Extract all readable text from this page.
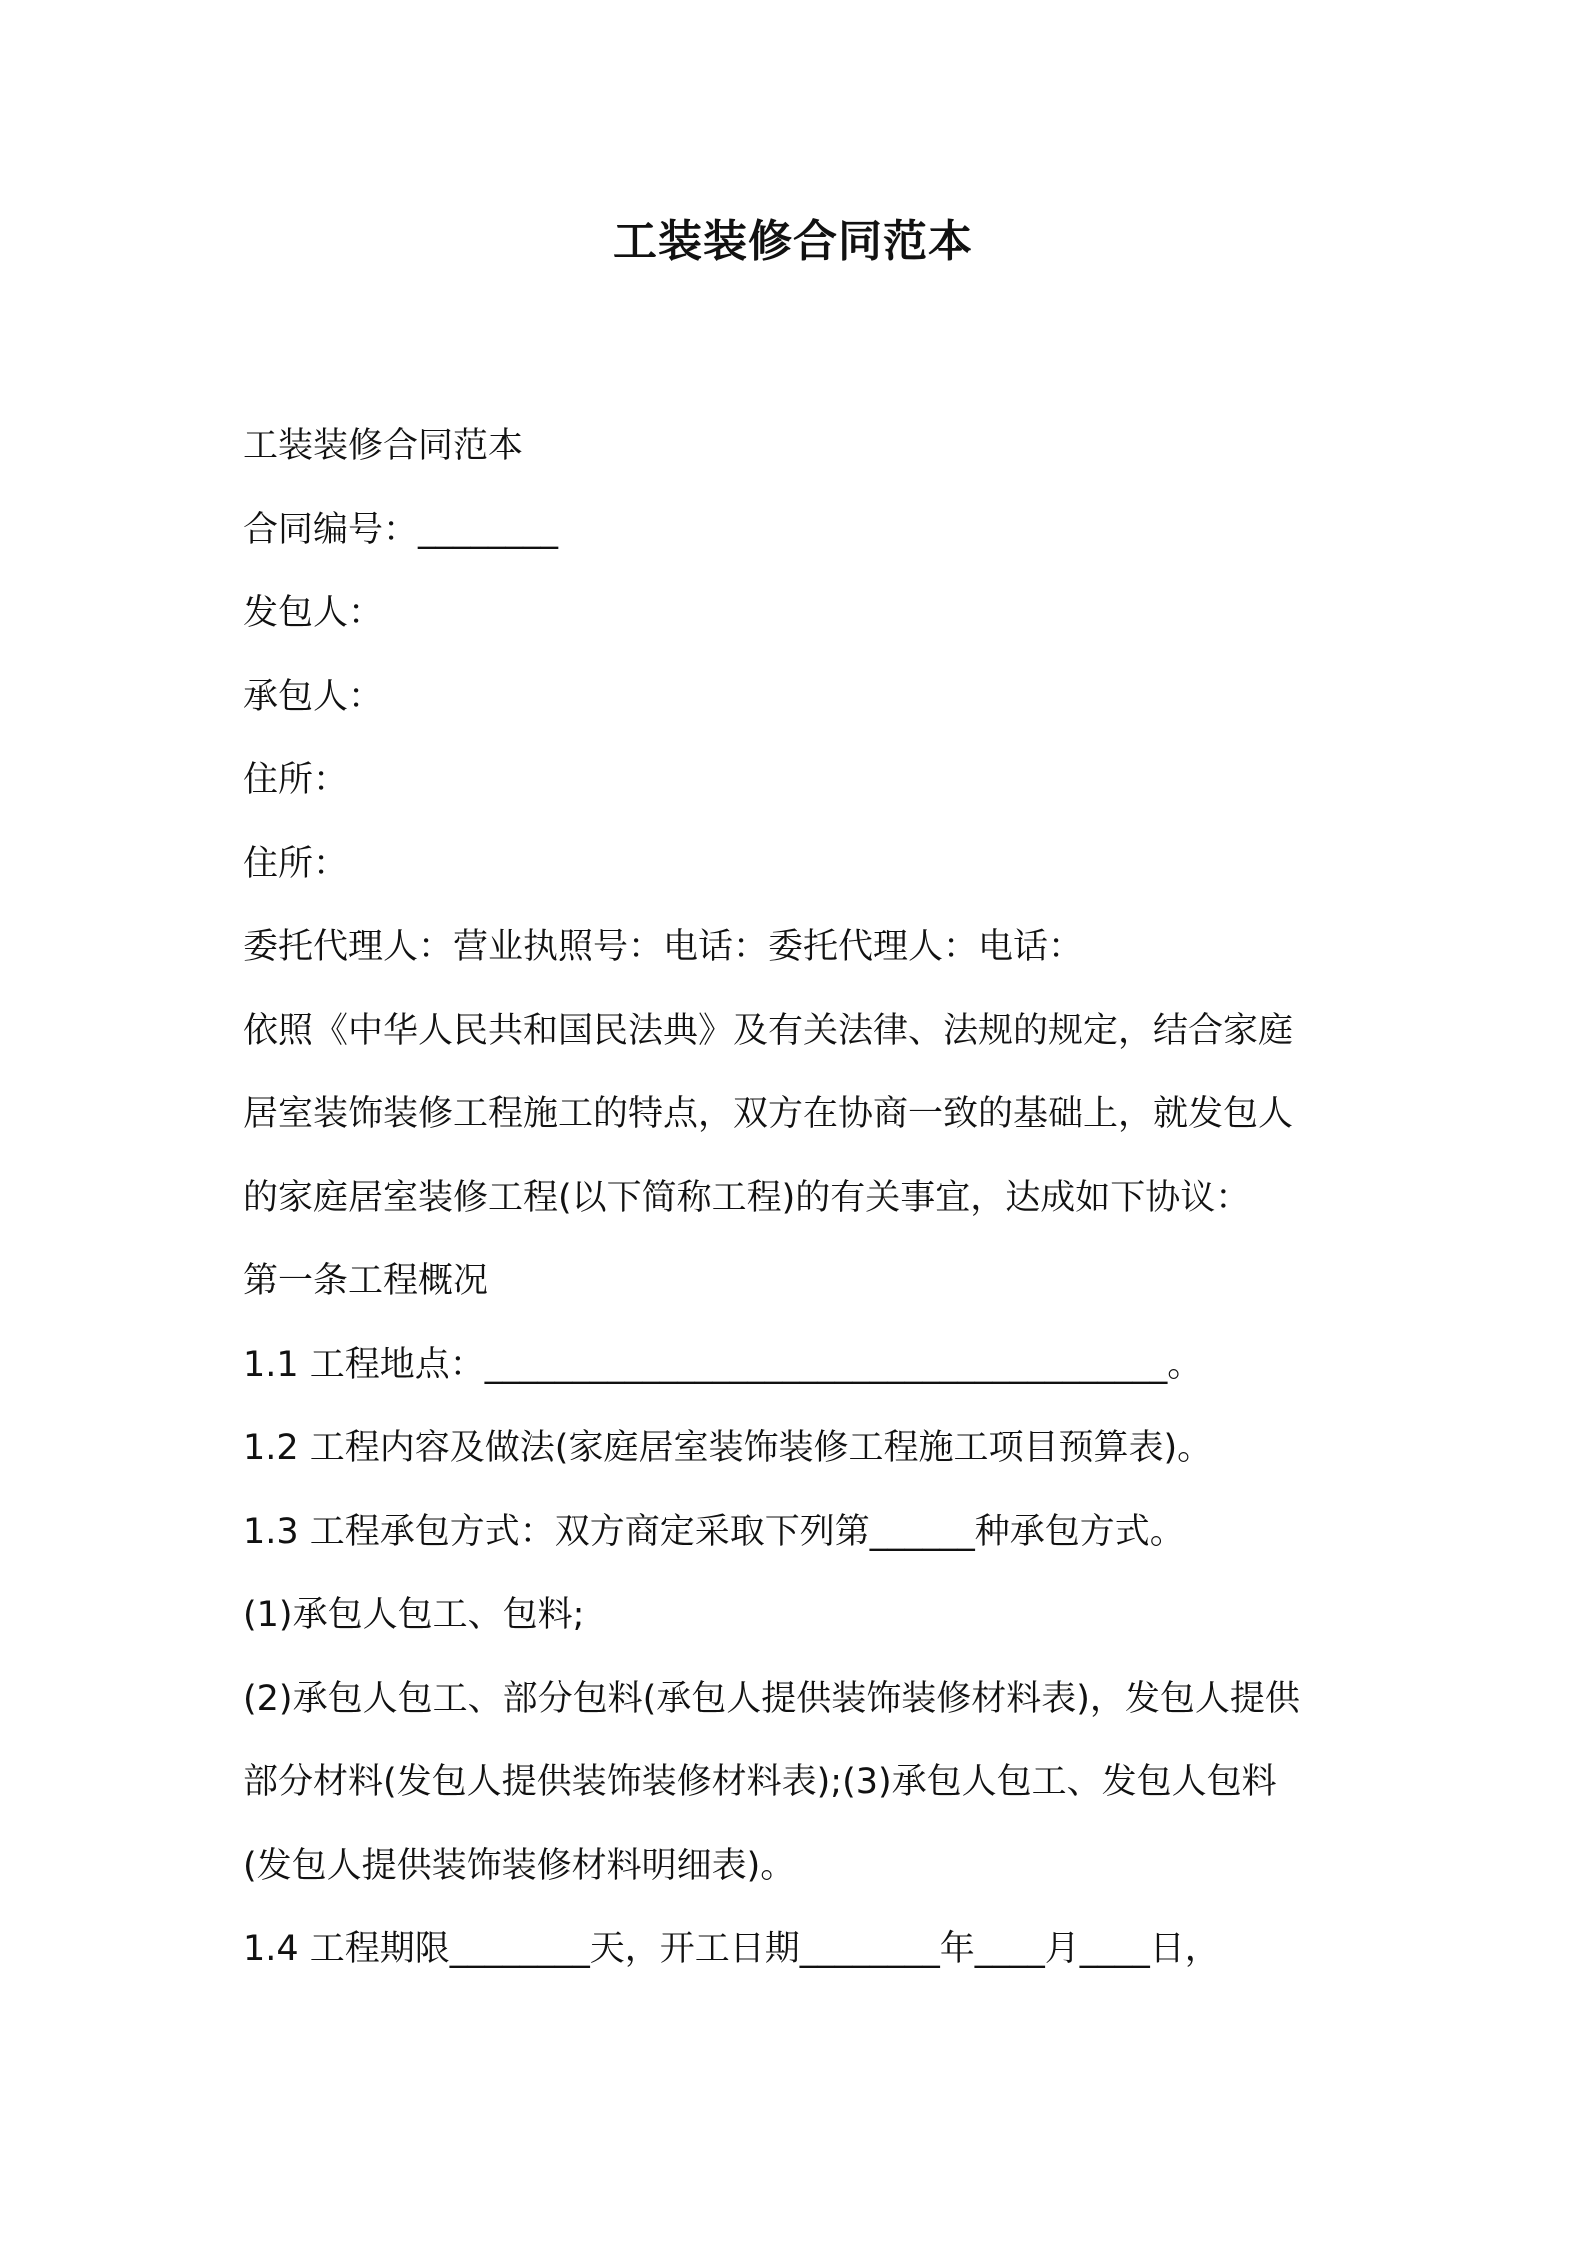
工装装修合同范本

工装装修合同范本

合同编号：________

发包人：

承包人：

住所：

住所：

委托代理人：营业执照号：电话：委托代理人：电话：

依照《中华人民共和国民法典》及有关法律、法规的规定，结合家庭

居室装饰装修工程施工的特点，双方在协商一致的基础上，就发包人

的家庭居室装修工程(以下简称工程)的有关事宜，达成如下协议：

第一条工程概况

1.1 工程地点：_______________________________________。

1.2 工程内容及做法(家庭居室装饰装修工程施工项目预算表)。

1.3 工程承包方式：双方商定采取下列第______种承包方式。

(1)承包人包工、包料;

(2)承包人包工、部分包料(承包人提供装饰装修材料表)，发包人提供

部分材料(发包人提供装饰装修材料表);(3)承包人包工、发包人包料

(发包人提供装饰装修材料明细表)。

1.4 工程期限________天，开工日期________年____月____日，
